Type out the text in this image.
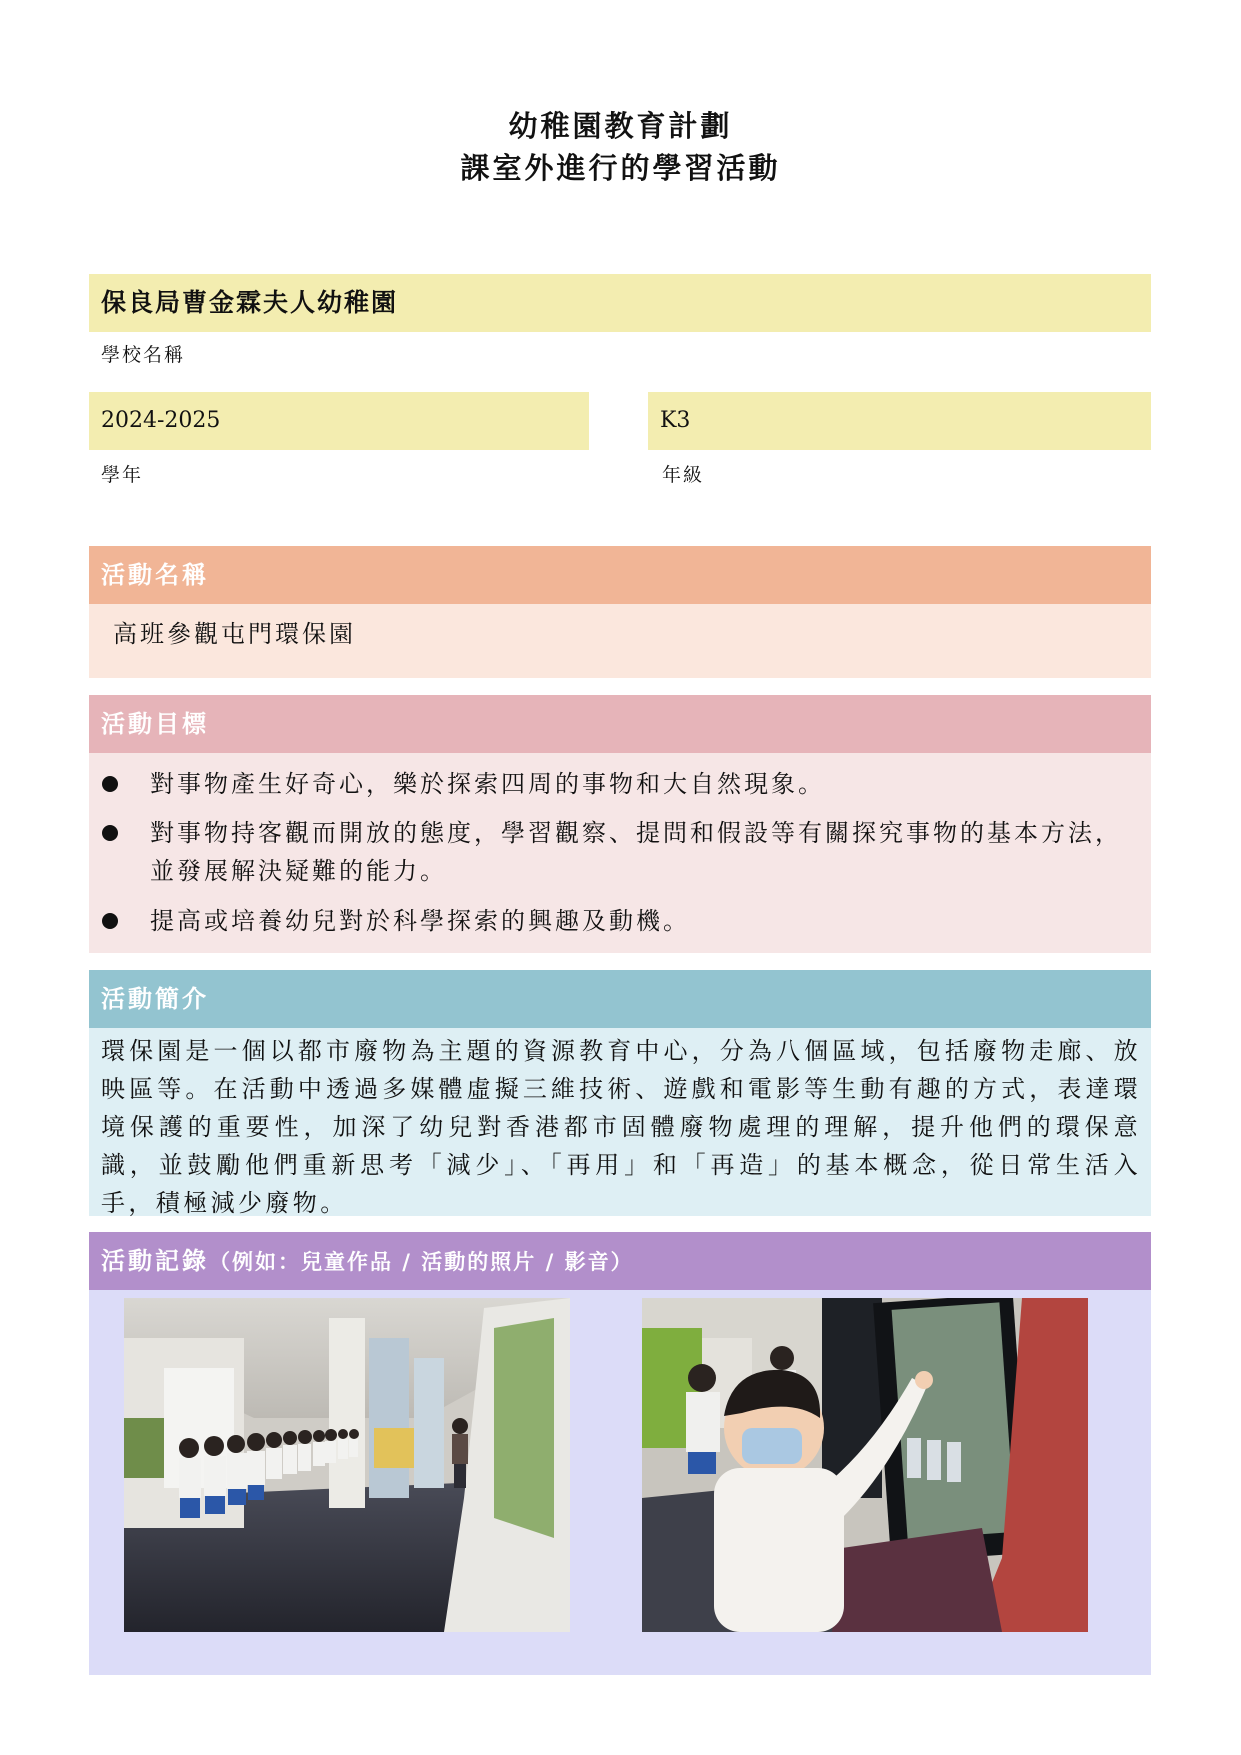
幼稚園教育計劃
課室外進行的學習活動
保良局曹金霖夫人幼稚園
學校名稱
2024-2025
學年
K3
年級
活動名稱
高班參觀屯門環保園
活動目標
對事物產生好奇心，樂於探索四周的事物和大自然現象。
對事物持客觀而開放的態度，學習觀察、提問和假設等有關探究事物的基本方法， 並發展解決疑難的能力。
提高或培養幼兒對於科學探索的興趣及動機。
活動簡介
環保園是一個以都市廢物為主題的資源教育中心，分為八個區域，包括廢物走廊、放映區等。在活動中透過多媒體虛擬三維技術、遊戲和電影等生動有趣的方式，表達環境保護的重要性，加深了幼兒對香港都市固體廢物處理的理解，提升他們的環保意識，並鼓勵他們重新思考「減少」、「再用」和「再造」的基本概念，從日常生活入手，積極減少廢物。
活動記錄（例如：兒童作品 / 活動的照片 / 影音）
